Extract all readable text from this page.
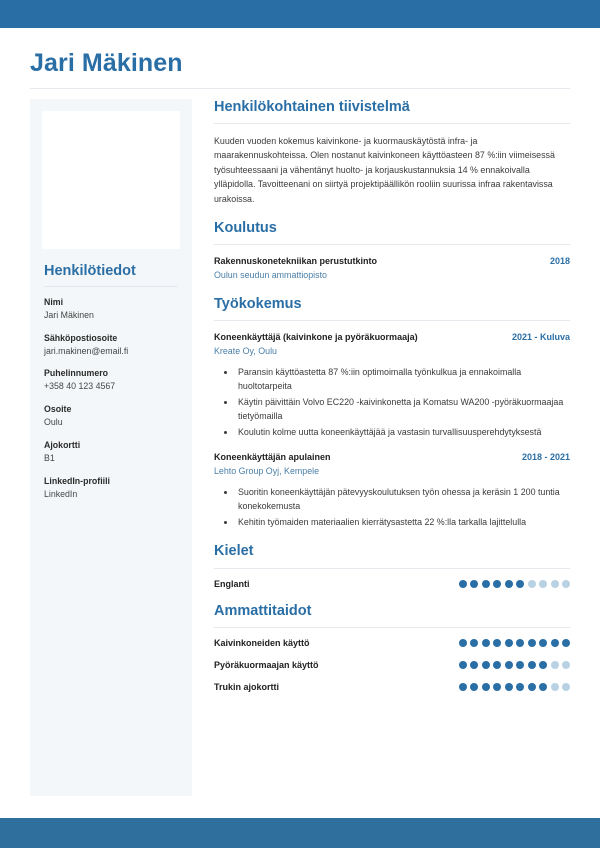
Jari Mäkinen
Henkilötiedot
Nimi
Jari Mäkinen
Sähköpostiosoite
jari.makinen@email.fi
Puhelinnumero
+358 40 123 4567
Osoite
Oulu
Ajokortti
B1
LinkedIn-profiili
LinkedIn
Henkilökohtainen tiivistelmä

Kuuden vuoden kokemus kaivinkone- ja kuormauskäytöstä infra- ja maarakennuskohteissa. Olen nostanut kaivinkoneen käyttöasteen 87 %:iin viimeisessä työsuhteessaani ja vähentänyt huolto- ja korjauskustannuksia 14 % ennakoivalla ylläpidolla. Tavoitteenani on siirtyä projektipäällikön rooliin suurissa infraa rakentavissa urakoissa.

Koulutus
Rakennuskonetekniikan perustutkinto	2018
Oulun seudun ammattiopisto
Työkokemus
Koneenkäyttäjä (kaivinkone ja pyöräkuormaaja)	2021 - Kuluva
Kreate Oy, Oulu
• Paransin käyttöastetta 87 %:iin optimoimalla työnkulkua ja ennakoimalla huoltotarpeita
• Käytin päivittäin Volvo EC220 -kaivinkonetta ja Komatsu WA200 -pyöräkuormaajaa tietyömailla
• Koulutin kolme uutta koneenkäyttäjää ja vastasin turvallisuusperehdytyksestä
Koneenkäyttäjän apulainen	2018 - 2021
Lehto Group Oyj, Kempele
• Suoritin koneenkäyttäjän pätevyyskoulutuksen työn ohessa ja keräsin 1 200 tuntia konekokemusta
• Kehitin työmaiden materiaalien kierrätysastetta 22 %:lla tarkalla lajittelulla
Kielet
Englanti
Ammattitaidot
Kaivinkoneiden käyttö
Pyöräkuormaajan käyttö
Trukin ajokortti
